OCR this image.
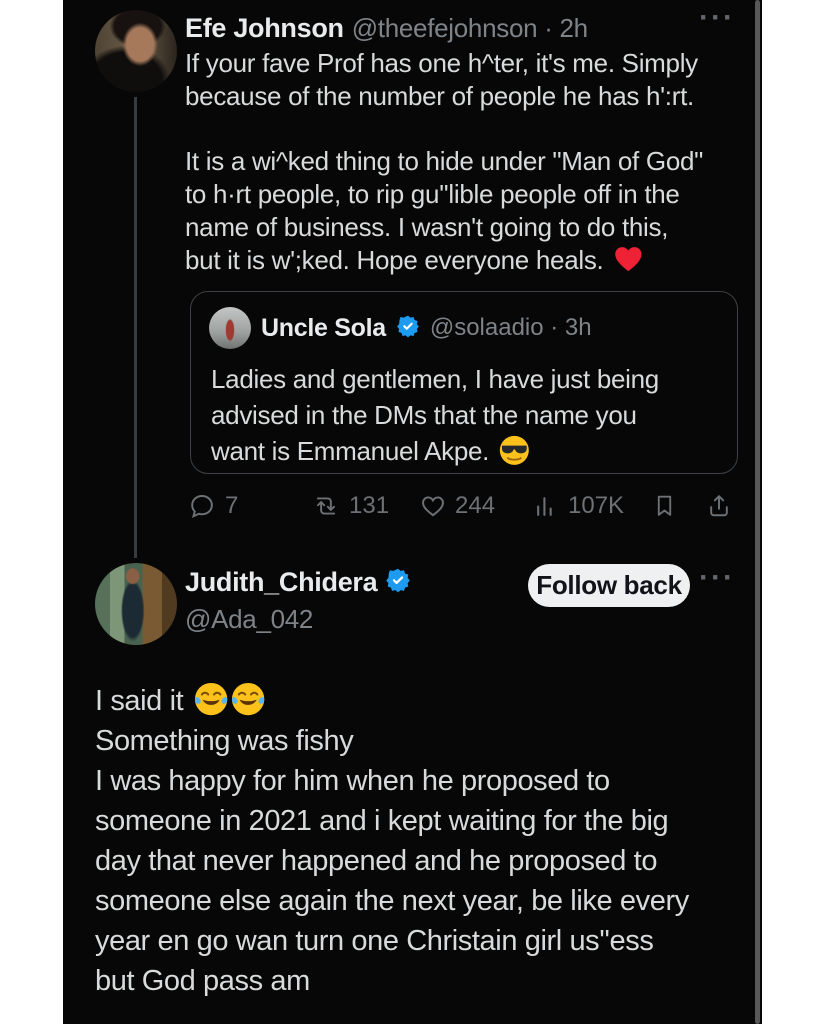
Efe Johnson @theefejohnson · 2h	···
If your fave Prof has one h^ter, it's me. Simply
because of the number of people he has h':rt.
It is a wi^ked thing to hide under "Man of God"
to h·rt people, to rip gu''lible people off in the
name of business. I wasn't going to do this,
but it is w';ked. Hope everyone heals.
Uncle Sola @solaadio · 3h
Ladies and gentlemen, I have just being
advised in the DMs that the name you
want is Emmanuel Akpe.
7	131	244	107K
Judith_Chidera
@Ada_042
Follow back ···
I said it
Something was fishy
I was happy for him when he proposed to
someone in 2021 and i kept waiting for the big
day that never happened and he proposed to
someone else again the next year, be like every
year en go wan turn one Christain girl us''ess
but God pass am
